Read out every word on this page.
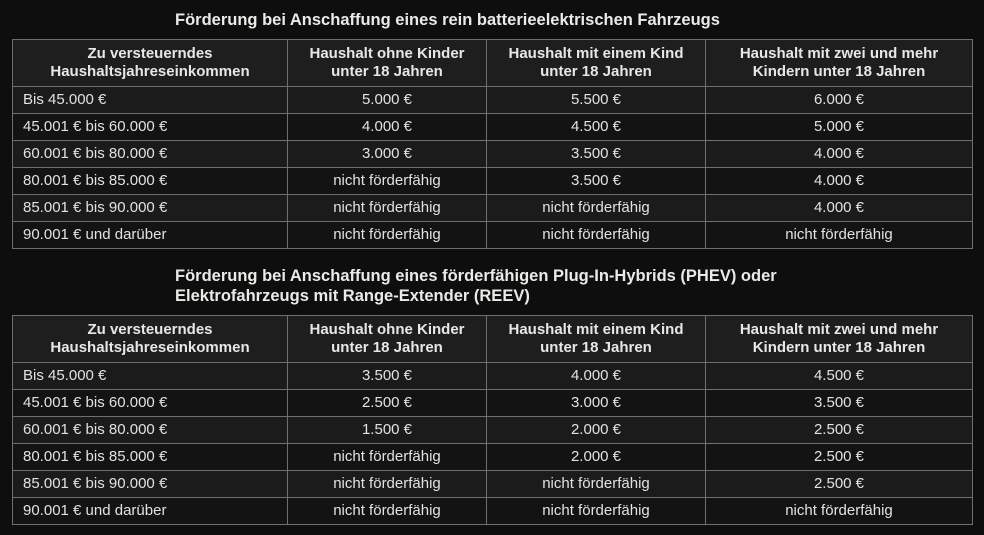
Förderung bei Anschaffung eines rein batterieelektrischen Fahrzeugs
Zu versteuerndes Haushaltsjahreseinkommen	Haushalt ohne Kinder unter 18 Jahren	Haushalt mit einem Kind unter 18 Jahren	Haushalt mit zwei und mehr Kindern unter 18 Jahren
Bis 45.000 €	5.000 €	5.500 €	6.000 €
45.001 € bis 60.000 €	4.000 €	4.500 €	5.000 €
60.001 € bis 80.000 €	3.000 €	3.500 €	4.000 €
80.001 € bis 85.000 €	nicht förderfähig	3.500 €	4.000 €
85.001 € bis 90.000 €	nicht förderfähig	nicht förderfähig	4.000 €
90.001 € und darüber	nicht förderfähig	nicht förderfähig	nicht förderfähig
Förderung bei Anschaffung eines förderfähigen Plug-In-Hybrids (PHEV) oder
Elektrofahrzeugs mit Range-Extender (REEV)
Zu versteuerndes Haushaltsjahreseinkommen	Haushalt ohne Kinder unter 18 Jahren	Haushalt mit einem Kind unter 18 Jahren	Haushalt mit zwei und mehr Kindern unter 18 Jahren
Bis 45.000 €	3.500 €	4.000 €	4.500 €
45.001 € bis 60.000 €	2.500 €	3.000 €	3.500 €
60.001 € bis 80.000 €	1.500 €	2.000 €	2.500 €
80.001 € bis 85.000 €	nicht förderfähig	2.000 €	2.500 €
85.001 € bis 90.000 €	nicht förderfähig	nicht förderfähig	2.500 €
90.001 € und darüber	nicht förderfähig	nicht förderfähig	nicht förderfähig
